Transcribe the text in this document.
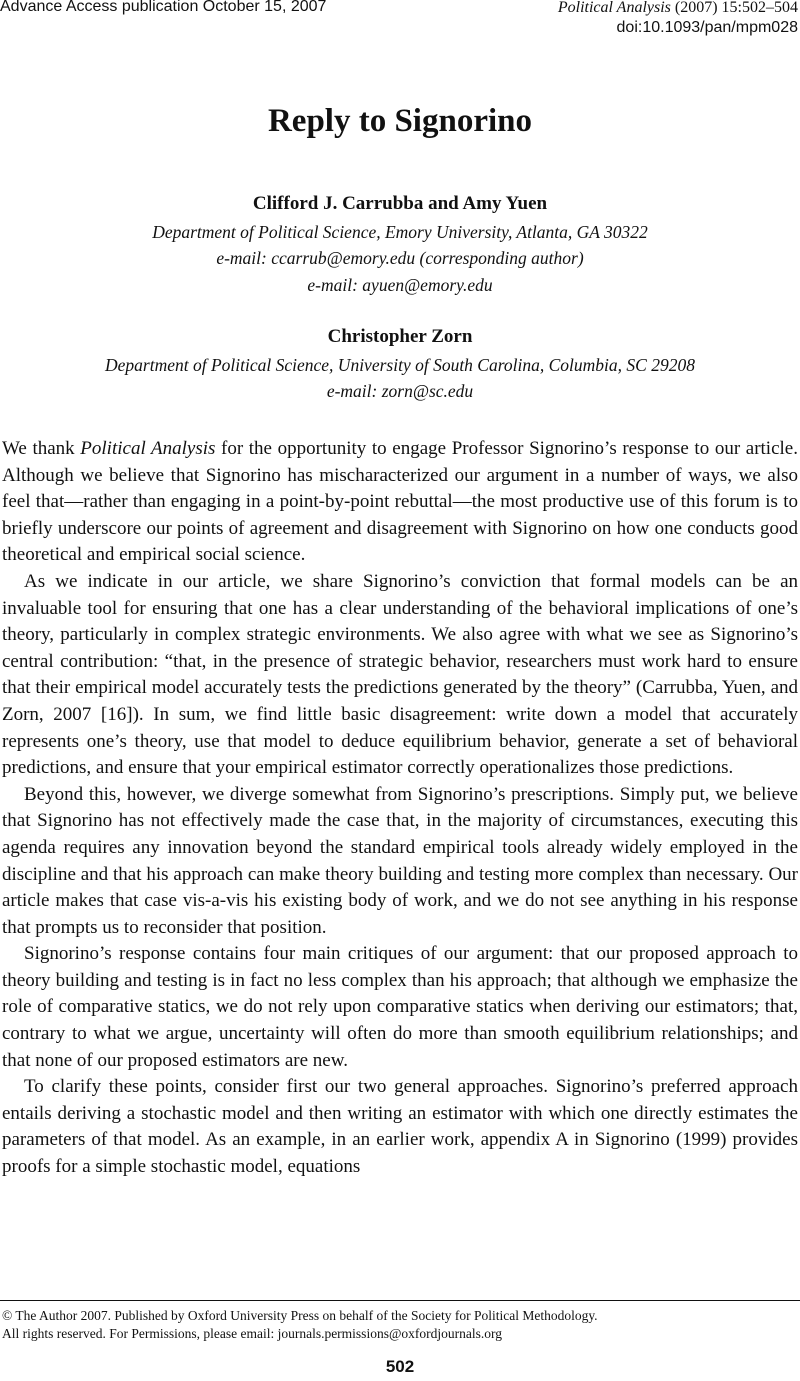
Advance Access publication October 15, 2007	Political Analysis (2007) 15:502–504
doi:10.1093/pan/mpm028
Reply to Signorino
Clifford J. Carrubba and Amy Yuen
Department of Political Science, Emory University, Atlanta, GA 30322
e-mail: ccarrub@emory.edu (corresponding author)
e-mail: ayuen@emory.edu
Christopher Zorn
Department of Political Science, University of South Carolina, Columbia, SC 29208
e-mail: zorn@sc.edu

We thank Political Analysis for the opportunity to engage Professor Signorino’s response to our article. Although we believe that Signorino has mischaracterized our argument in a number of ways, we also feel that—rather than engaging in a point-by-point rebuttal—the most productive use of this forum is to briefly underscore our points of agreement and disagreement with Signorino on how one conducts good theoretical and empirical social science.

As we indicate in our article, we share Signorino’s conviction that formal models can be an invaluable tool for ensuring that one has a clear understanding of the behavioral implications of one’s theory, particularly in complex strategic environments. We also agree with what we see as Signorino’s central contribution: “that, in the presence of strategic behavior, researchers must work hard to ensure that their empirical model accurately tests the predictions generated by the theory” (Carrubba, Yuen, and Zorn, 2007 [16]). In sum, we find little basic disagreement: write down a model that accurately represents one’s theory, use that model to deduce equilibrium behavior, generate a set of behavioral predictions, and ensure that your empirical estimator correctly operationalizes those predictions.

Beyond this, however, we diverge somewhat from Signorino’s prescriptions. Simply put, we believe that Signorino has not effectively made the case that, in the majority of circumstances, executing this agenda requires any innovation beyond the standard empirical tools already widely employed in the discipline and that his approach can make theory building and testing more complex than necessary. Our article makes that case vis-a-vis his existing body of work, and we do not see anything in his response that prompts us to reconsider that position.

Signorino’s response contains four main critiques of our argument: that our proposed approach to theory building and testing is in fact no less complex than his approach; that although we emphasize the role of comparative statics, we do not rely upon comparative statics when deriving our estimators; that, contrary to what we argue, uncertainty will often do more than smooth equilibrium relationships; and that none of our proposed estimators are new.

To clarify these points, consider first our two general approaches. Signorino’s preferred approach entails deriving a stochastic model and then writing an estimator with which one directly estimates the parameters of that model. As an example, in an earlier work, appendix A in Signorino (1999) provides proofs for a simple stochastic model, equations

© The Author 2007. Published by Oxford University Press on behalf of the Society for Political Methodology.
All rights reserved. For Permissions, please email: journals.permissions@oxfordjournals.org
502
